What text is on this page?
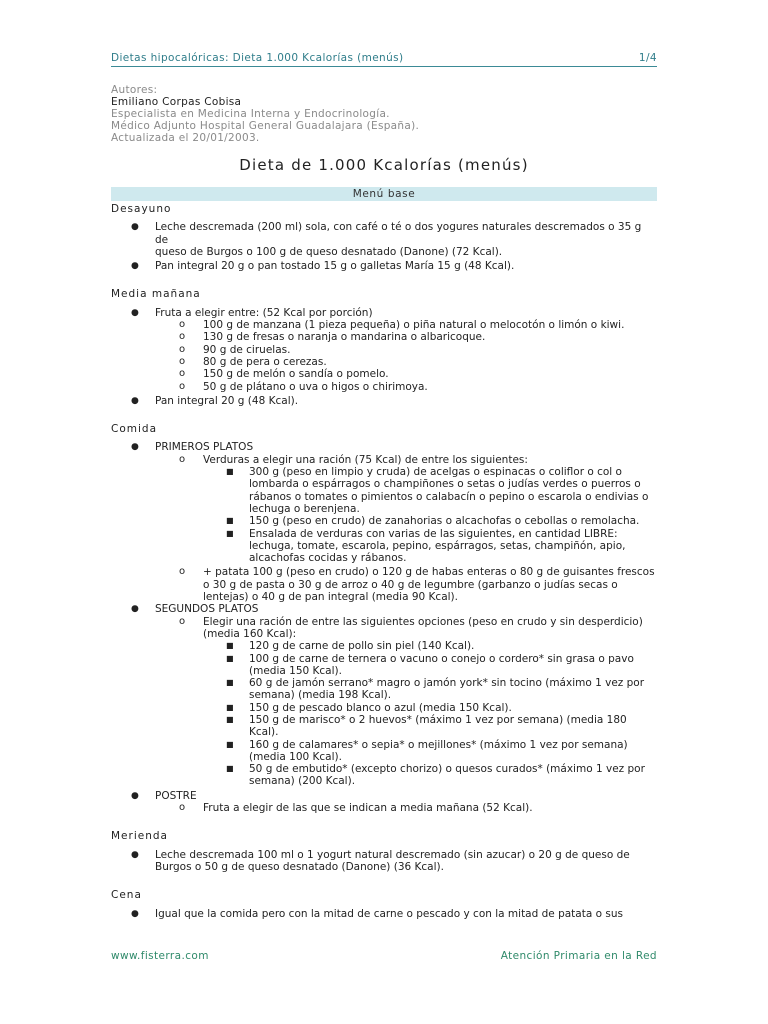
Dietas hipocalóricas: Dieta 1.000 Kcalorías (menús)	1/4
Autores:
Emiliano Corpas Cobisa
Especialista en Medicina Interna y Endocrinología.
Médico Adjunto Hospital General Guadalajara (España).
Actualizada el 20/01/2003.
Dieta de 1.000 Kcalorías (menús)
Menú base
Desayuno
● Leche descremada (200 ml) sola, con café o té o dos yogures naturales descremados o 35 g de
queso de Burgos o 100 g de queso desnatado (Danone) (72 Kcal).
● Pan integral 20 g o pan tostado 15 g o galletas María 15 g (48 Kcal).
Media mañana
● Fruta a elegir entre: (52 Kcal por porción)
o 100 g de manzana (1 pieza pequeña) o piña natural o melocotón o limón o kiwi.
o 130 g de fresas o naranja o mandarina o albaricoque.
o 90 g de ciruelas.
o 80 g de pera o cerezas.
o 150 g de melón o sandía o pomelo.
o 50 g de plátano o uva o higos o chirimoya.
● Pan integral 20 g (48 Kcal).
Comida
● PRIMEROS PLATOS
o Verduras a elegir una ración (75 Kcal) de entre los siguientes:
■ 300 g (peso en limpio y cruda) de acelgas o espinacas o coliflor o col o
lombarda o espárragos o champiñones o setas o judías verdes o puerros o
rábanos o tomates o pimientos o calabacín o pepino o escarola o endivias o
lechuga o berenjena.
■ 150 g (peso en crudo) de zanahorias o alcachofas o cebollas o remolacha.
■ Ensalada de verduras con varias de las siguientes, en cantidad LIBRE:
lechuga, tomate, escarola, pepino, espárragos, setas, champiñón, apio,
alcachofas cocidas y rábanos.
o + patata 100 g (peso en crudo) o 120 g de habas enteras o 80 g de guisantes frescos
o 30 g de pasta o 30 g de arroz o 40 g de legumbre (garbanzo o judías secas o
lentejas) o 40 g de pan integral (media 90 Kcal).
● SEGUNDOS PLATOS
o Elegir una ración de entre las siguientes opciones (peso en crudo y sin desperdicio)
(media 160 Kcal):
■ 120 g de carne de pollo sin piel (140 Kcal).
■ 100 g de carne de ternera o vacuno o conejo o cordero* sin grasa o pavo
(media 150 Kcal).
■ 60 g de jamón serrano* magro o jamón york* sin tocino (máximo 1 vez por
semana) (media 198 Kcal).
■ 150 g de pescado blanco o azul (media 150 Kcal).
■ 150 g de marisco* o 2 huevos* (máximo 1 vez por semana) (media 180
Kcal).
■ 160 g de calamares* o sepia* o mejillones* (máximo 1 vez por semana)
(media 100 Kcal).
■ 50 g de embutido* (excepto chorizo) o quesos curados* (máximo 1 vez por
semana) (200 Kcal).
● POSTRE
o Fruta a elegir de las que se indican a media mañana (52 Kcal).
Merienda
● Leche descremada 100 ml o 1 yogurt natural descremado (sin azucar) o 20 g de queso de
Burgos o 50 g de queso desnatado (Danone) (36 Kcal).
Cena
● Igual que la comida pero con la mitad de carne o pescado y con la mitad de patata o sus
www.fisterra.com	Atención Primaria en la Red
